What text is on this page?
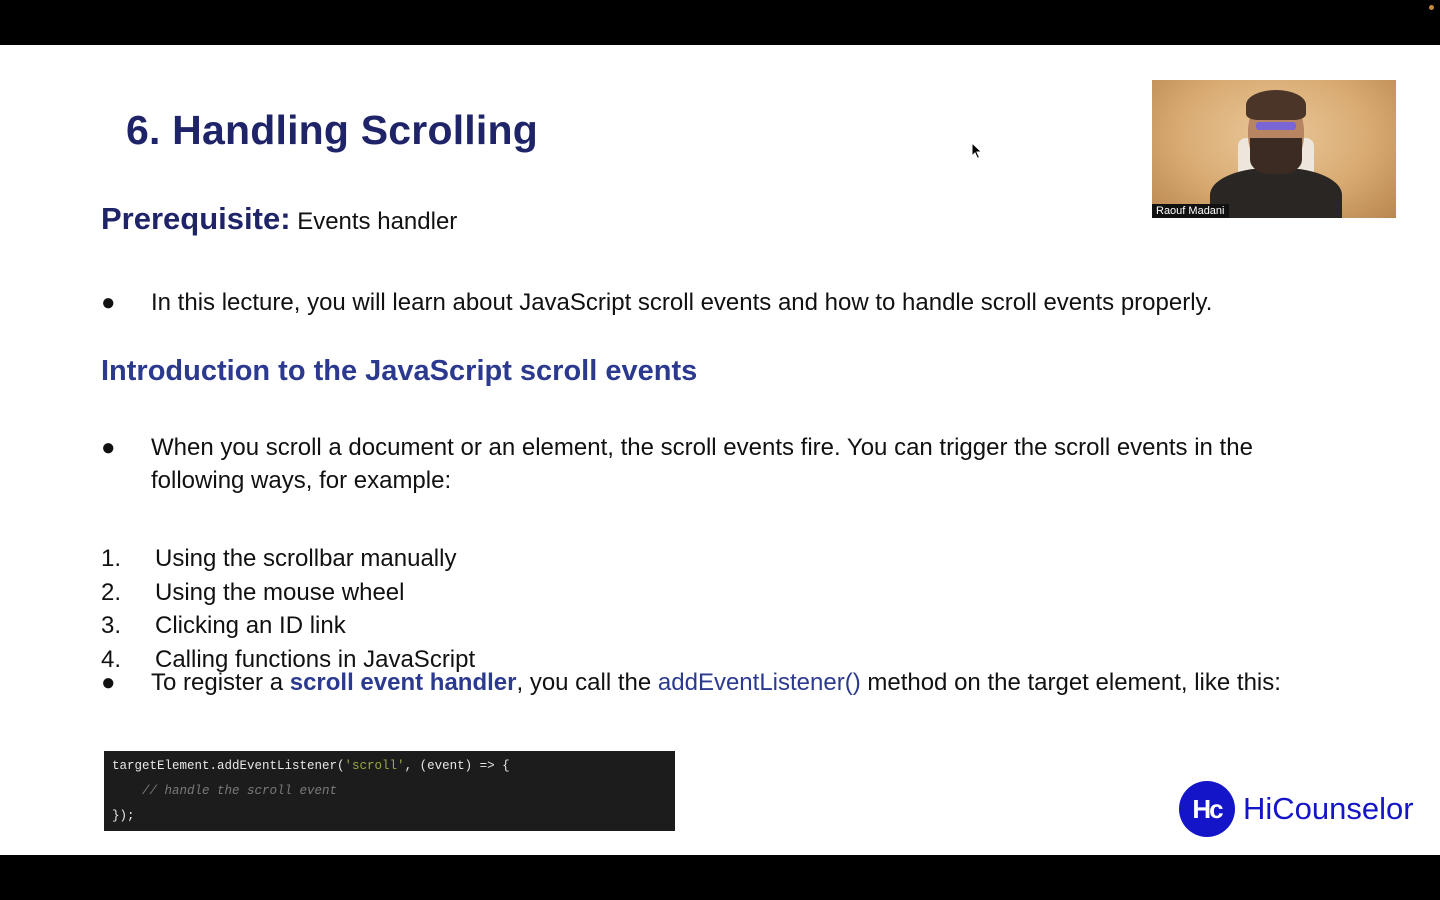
6. Handling Scrolling
Prerequisite: Events handler
● In this lecture, you will learn about JavaScript scroll events and how to handle scroll events properly.
Introduction to the JavaScript scroll events
● When you scroll a document or an element, the scroll events fire. You can trigger the scroll events in the following ways, for example:
1.	Using the scrollbar manually
2.	Using the mouse wheel
3.	Clicking an ID link
4.	Calling functions in JavaScript
● To register a scroll event handler, you call the addEventListener() method on the target element, like this:
targetElement.addEventListener('scroll', (event) => {
// handle the scroll event
});
Raouf Madani
Hc HiCounselor
